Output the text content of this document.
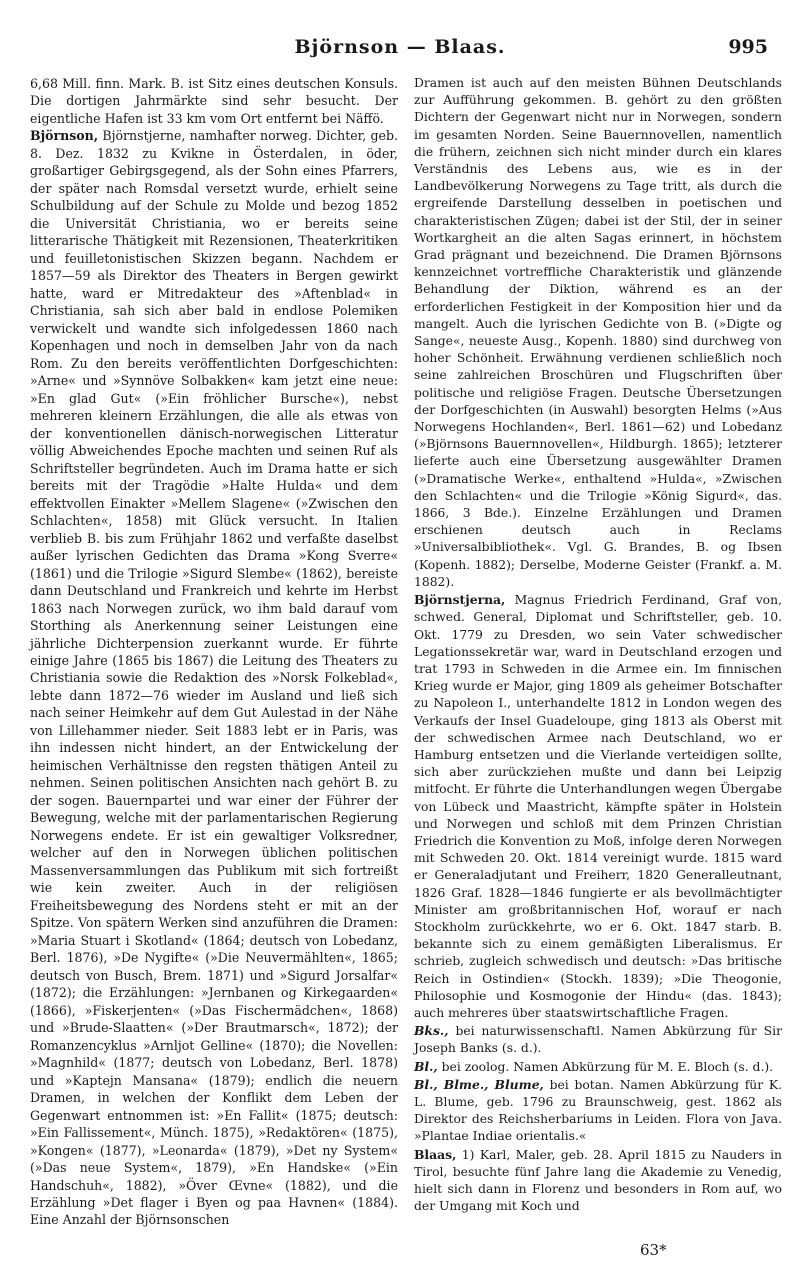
Björnson — Blaas.	995

6,68 Mill. finn. Mark. B. ist Sitz eines deutschen Konsuls. Die dortigen Jahrmärkte sind sehr besucht. Der eigentliche Hafen ist 33 km vom Ort entfernt bei Näffö.

Björnson, Björnstjerne, namhafter norweg. Dichter, geb. 8. Dez. 1832 zu Kvikne in Österdalen, in öder, großartiger Gebirgsgegend, als der Sohn eines Pfarrers, der später nach Romsdal versetzt wurde, erhielt seine Schulbildung auf der Schule zu Molde und bezog 1852 die Universität Christiania, wo er bereits seine litterarische Thätigkeit mit Rezensionen, Theaterkritiken und feuilletonistischen Skizzen begann. Nachdem er 1857—59 als Direktor des Theaters in Bergen gewirkt hatte, ward er Mitredakteur des »Aftenblad« in Christiania, sah sich aber bald in endlose Polemiken verwickelt und wandte sich infolgedessen 1860 nach Kopenhagen und noch in demselben Jahr von da nach Rom. Zu den bereits veröffentlichten Dorfgeschichten: »Arne« und »Synnöve Solbakken« kam jetzt eine neue: »En glad Gut« (»Ein fröhlicher Bursche«), nebst mehreren kleinern Erzählungen, die alle als etwas von der konventionellen dänisch-norwegischen Litteratur völlig Abweichendes Epoche machten und seinen Ruf als Schriftsteller begründeten. Auch im Drama hatte er sich bereits mit der Tragödie »Halte Hulda« und dem effektvollen Einakter »Mellem Slagene« (»Zwischen den Schlachten«, 1858) mit Glück versucht. In Italien verblieb B. bis zum Frühjahr 1862 und verfaßte daselbst außer lyrischen Gedichten das Drama »Kong Sverre« (1861) und die Trilogie »Sigurd Slembe« (1862), bereiste dann Deutschland und Frankreich und kehrte im Herbst 1863 nach Norwegen zurück, wo ihm bald darauf vom Storthing als Anerkennung seiner Leistungen eine jährliche Dichterpension zuerkannt wurde. Er führte einige Jahre (1865 bis 1867) die Leitung des Theaters zu Christiania sowie die Redaktion des »Norsk Folkeblad«, lebte dann 1872—76 wieder im Ausland und ließ sich nach seiner Heimkehr auf dem Gut Aulestad in der Nähe von Lillehammer nieder. Seit 1883 lebt er in Paris, was ihn indessen nicht hindert, an der Entwickelung der heimischen Verhältnisse den regsten thätigen Anteil zu nehmen. Seinen politischen Ansichten nach gehört B. zu der sogen. Bauernpartei und war einer der Führer der Bewegung, welche mit der parlamentarischen Regierung Norwegens endete. Er ist ein gewaltiger Volksredner, welcher auf den in Norwegen üblichen politischen Massenversammlungen das Publikum mit sich fortreißt wie kein zweiter. Auch in der religiösen Freiheitsbewegung des Nordens steht er mit an der Spitze. Von spätern Werken sind anzuführen die Dramen: »Maria Stuart i Skotland« (1864; deutsch von Lobedanz, Berl. 1876), »De Nygifte« (»Die Neuvermählten«, 1865; deutsch von Busch, Brem. 1871) und »Sigurd Jorsalfar« (1872); die Erzählungen: »Jernbanen og Kirkegaarden« (1866), »Fiskerjenten« (»Das Fischermädchen«, 1868) und »Brude-Slaatten« (»Der Brautmarsch«, 1872); der Romanzencyklus »Arnljot Gelline« (1870); die Novellen: »Magnhild« (1877; deutsch von Lobedanz, Berl. 1878) und »Kaptejn Mansana« (1879); endlich die neuern Dramen, in welchen der Konflikt dem Leben der Gegenwart entnommen ist: »En Fallit« (1875; deutsch: »Ein Fallissement«, Münch. 1875), »Redaktören« (1875), »Kongen« (1877), »Leonarda« (1879), »Det ny System« (»Das neue System«, 1879), »En Handske« (»Ein Handschuh«, 1882), »Över Œvne« (1882), und die Erzählung »Det flager i Byen og paa Havnen« (1884). Eine Anzahl der Björnsonschen

Dramen ist auch auf den meisten Bühnen Deutschlands zur Aufführung gekommen. B. gehört zu den größten Dichtern der Gegenwart nicht nur in Norwegen, sondern im gesamten Norden. Seine Bauernnovellen, namentlich die frühern, zeichnen sich nicht minder durch ein klares Verständnis des Lebens aus, wie es in der Landbevölkerung Norwegens zu Tage tritt, als durch die ergreifende Darstellung desselben in poetischen und charakteristischen Zügen; dabei ist der Stil, der in seiner Wortkargheit an die alten Sagas erinnert, in höchstem Grad prägnant und bezeichnend. Die Dramen Björnsons kennzeichnet vortreffliche Charakteristik und glänzende Behandlung der Diktion, während es an der erforderlichen Festigkeit in der Komposition hier und da mangelt. Auch die lyrischen Gedichte von B. (»Digte og Sange«, neueste Ausg., Kopenh. 1880) sind durchweg von hoher Schönheit. Erwähnung verdienen schließlich noch seine zahlreichen Broschüren und Flugschriften über politische und religiöse Fragen. Deutsche Übersetzungen der Dorfgeschichten (in Auswahl) besorgten Helms (»Aus Norwegens Hochlanden«, Berl. 1861—62) und Lobedanz (»Björnsons Bauernnovellen«, Hildburgh. 1865); letzterer lieferte auch eine Übersetzung ausgewählter Dramen (»Dramatische Werke«, enthaltend »Hulda«, »Zwischen den Schlachten« und die Trilogie »König Sigurd«, das. 1866, 3 Bde.). Einzelne Erzählungen und Dramen erschienen deutsch auch in Reclams »Universalbibliothek«. Vgl. G. Brandes, B. og Ibsen (Kopenh. 1882); Derselbe, Moderne Geister (Frankf. a. M. 1882).

Björnstjerna, Magnus Friedrich Ferdinand, Graf von, schwed. General, Diplomat und Schriftsteller, geb. 10. Okt. 1779 zu Dresden, wo sein Vater schwedischer Legationssekretär war, ward in Deutschland erzogen und trat 1793 in Schweden in die Armee ein. Im finnischen Krieg wurde er Major, ging 1809 als geheimer Botschafter zu Napoleon I., unterhandelte 1812 in London wegen des Verkaufs der Insel Guadeloupe, ging 1813 als Oberst mit der schwedischen Armee nach Deutschland, wo er Hamburg entsetzen und die Vierlande verteidigen sollte, sich aber zurückziehen mußte und dann bei Leipzig mitfocht. Er führte die Unterhandlungen wegen Übergabe von Lübeck und Maastricht, kämpfte später in Holstein und Norwegen und schloß mit dem Prinzen Christian Friedrich die Konvention zu Moß, infolge deren Norwegen mit Schweden 20. Okt. 1814 vereinigt wurde. 1815 ward er Generaladjutant und Freiherr, 1820 Generalleutnant, 1826 Graf. 1828—1846 fungierte er als bevollmächtigter Minister am großbritannischen Hof, worauf er nach Stockholm zurückkehrte, wo er 6. Okt. 1847 starb. B. bekannte sich zu einem gemäßigten Liberalismus. Er schrieb, zugleich schwedisch und deutsch: »Das britische Reich in Ostindien« (Stockh. 1839); »Die Theogonie, Philosophie und Kosmogonie der Hindu« (das. 1843); auch mehreres über staatswirtschaftliche Fragen.

Bks., bei naturwissenschaftl. Namen Abkürzung für Sir Joseph Banks (s. d.).

Bl., bei zoolog. Namen Abkürzung für M. E. Bloch (s. d.).

Bl., Blme., Blume, bei botan. Namen Abkürzung für K. L. Blume, geb. 1796 zu Braunschweig, gest. 1862 als Direktor des Reichsherbariums in Leiden. Flora von Java. »Plantae Indiae orientalis.«

Blaas, 1) Karl, Maler, geb. 28. April 1815 zu Nauders in Tirol, besuchte fünf Jahre lang die Akademie zu Venedig, hielt sich dann in Florenz und besonders in Rom auf, wo der Umgang mit Koch und

63*
